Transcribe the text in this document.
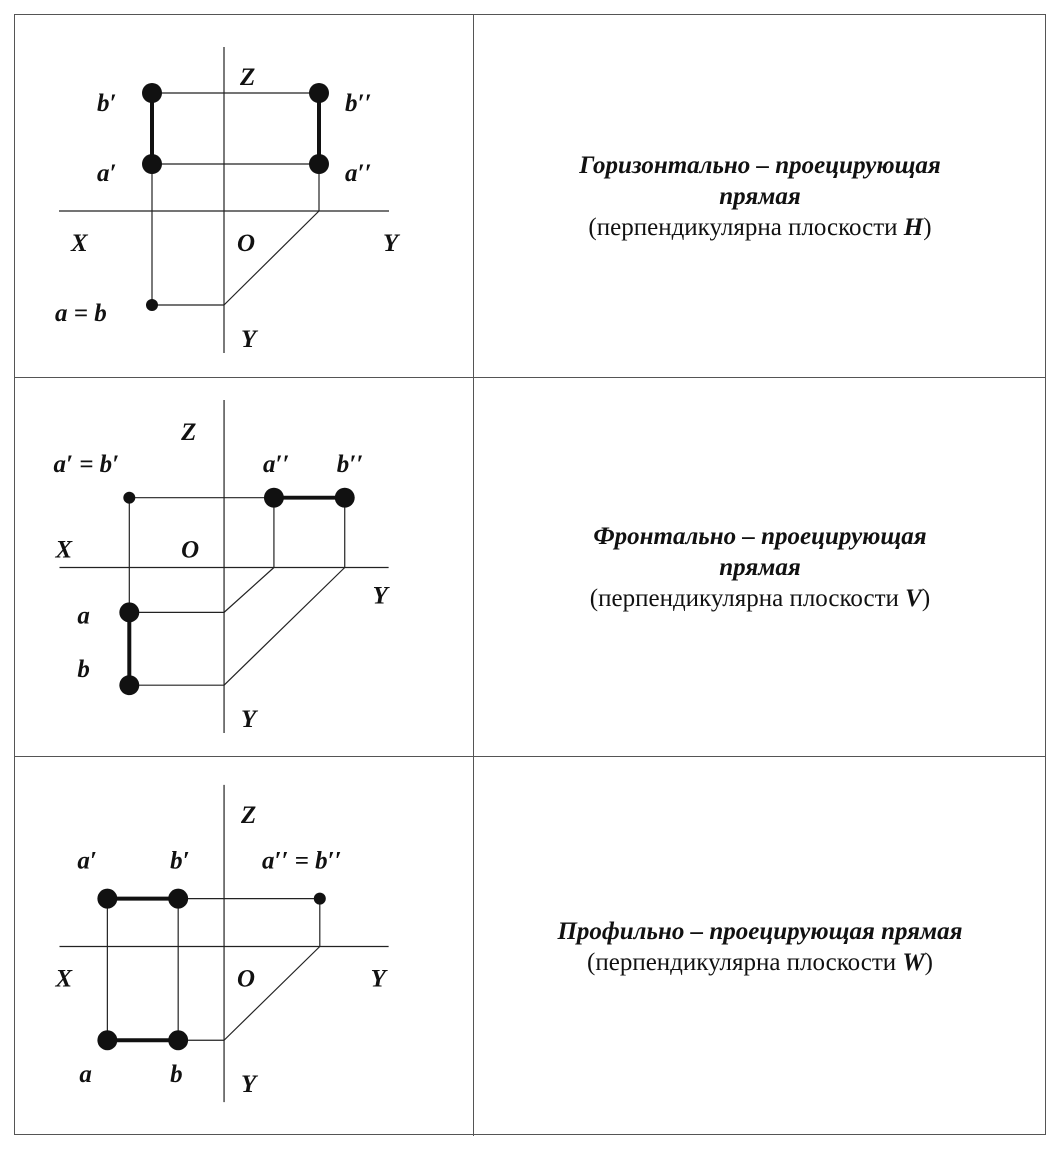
Z
b′	b′′
a′	a′′
X	O	Y
a = b
Y
Горизонтально – проецирующая
прямая
(перпендикулярна плоскости H)
Z
a′ = b′	a′′ b′′
X	O
Y
a
b
Y
Фронтально – проецирующая
прямая
(перпендикулярна плоскости V)
Z
a′	b′	a′′ = b′′
X	O	Y
a	b Y
Профильно – проецирующая прямая
(перпендикулярна плоскости W)
